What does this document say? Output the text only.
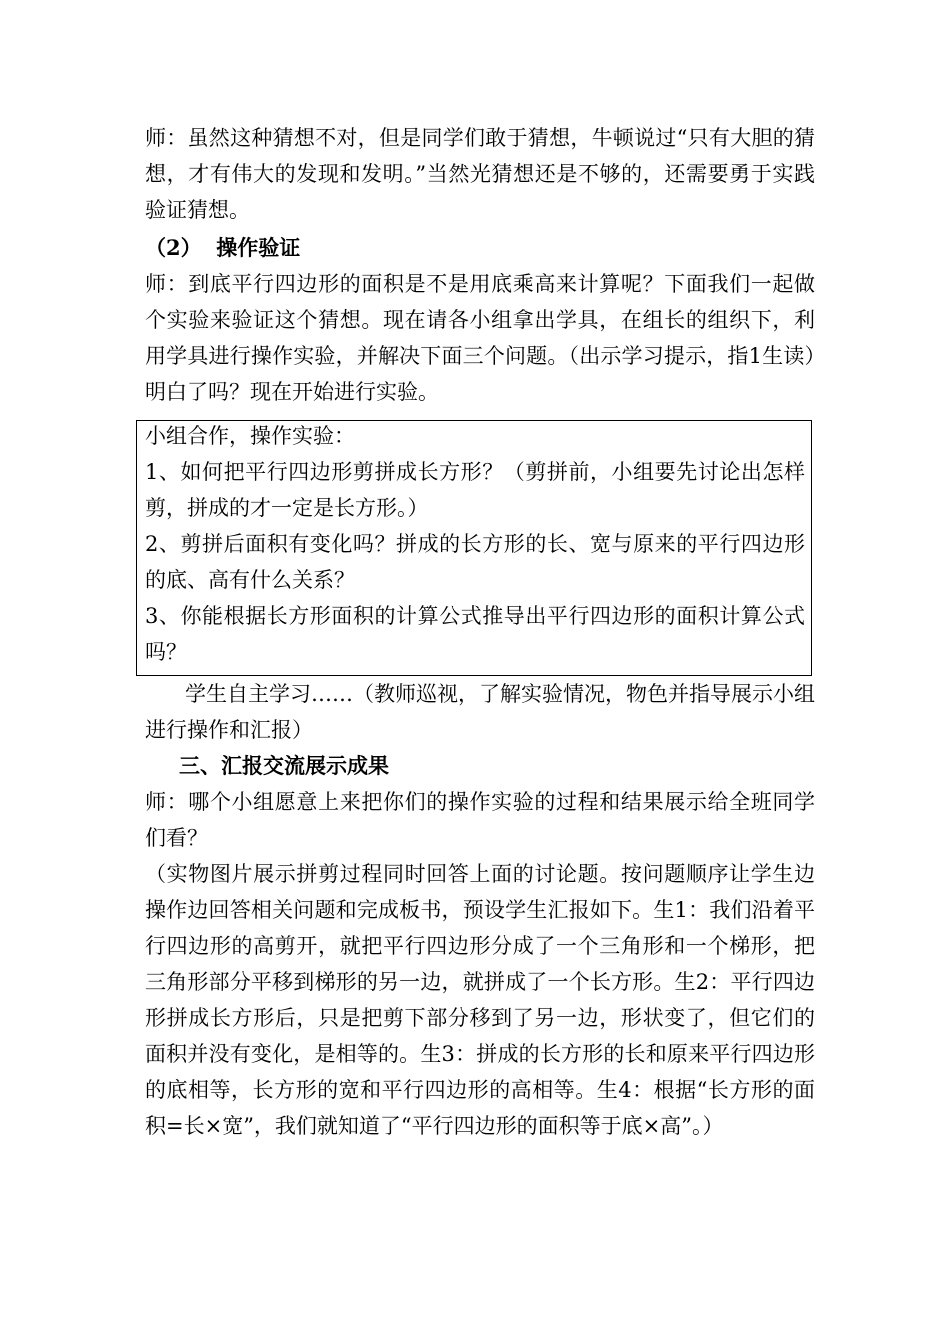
师：虽然这种猜想不对，但是同学们敢于猜想，牛顿说过“只有大胆的猜想，才有伟大的发现和发明。”当然光猜想还是不够的，还需要勇于实践验证猜想。

（2）  操作验证

师：到底平行四边形的面积是不是用底乘高来计算呢？下面我们一起做个实验来验证这个猜想。现在请各小组拿出学具，在组长的组织下，利用学具进行操作实验，并解决下面三个问题。（出示学习提示，指1生读）明白了吗？现在开始进行实验。

小组合作，操作实验：

1、如何把平行四边形剪拼成长方形？（剪拼前，小组要先讨论出怎样剪，拼成的才一定是长方形。）

2、剪拼后面积有变化吗？拼成的长方形的长、宽与原来的平行四边形的底、高有什么关系？

3、你能根据长方形面积的计算公式推导出平行四边形的面积计算公式吗？

学生自主学习……（教师巡视，了解实验情况，物色并指导展示小组进行操作和汇报）

三、汇报交流展示成果

师：哪个小组愿意上来把你们的操作实验的过程和结果展示给全班同学们看？

（实物图片展示拼剪过程同时回答上面的讨论题。按问题顺序让学生边操作边回答相关问题和完成板书，预设学生汇报如下。生1：我们沿着平行四边形的高剪开，就把平行四边形分成了一个三角形和一个梯形，把三角形部分平移到梯形的另一边，就拼成了一个长方形。生2：平行四边形拼成长方形后，只是把剪下部分移到了另一边，形状变了，但它们的面积并没有变化，是相等的。生3：拼成的长方形的长和原来平行四边形的底相等，长方形的宽和平行四边形的高相等。生4：根据“长方形的面积=长×宽”，我们就知道了“平行四边形的面积等于底×高”。）
